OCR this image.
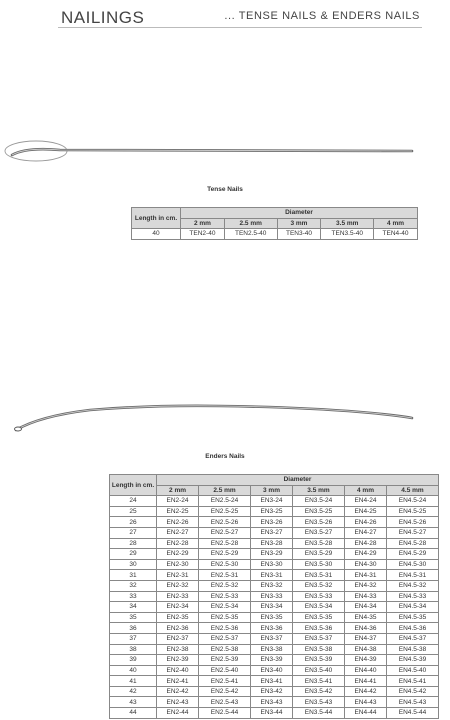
NAILINGS	... TENSE NAILS & ENDERS NAILS
Tense Nails
Length in cm.	Diameter				
	2 mm	2.5 mm	3 mm	3.5 mm	4 mm
40	TEN2-40	TEN2.5-40	TEN3-40	TEN3.5-40	TEN4-40
Enders Nails
Length in cm.	Diameter					
	2 mm	2.5 mm	3 mm	3.5 mm	4 mm	4.5 mm
24	EN2-24	EN2.5-24	EN3-24	EN3.5-24	EN4-24	EN4.5-24
25	EN2-25	EN2.5-25	EN3-25	EN3.5-25	EN4-25	EN4.5-25
26	EN2-26	EN2.5-26	EN3-26	EN3.5-26	EN4-26	EN4.5-26
27	EN2-27	EN2.5-27	EN3-27	EN3.5-27	EN4-27	EN4.5-27
28	EN2-28	EN2.5-28	EN3-28	EN3.5-28	EN4-28	EN4.5-28
29	EN2-29	EN2.5-29	EN3-29	EN3.5-29	EN4-29	EN4.5-29
30	EN2-30	EN2.5-30	EN3-30	EN3.5-30	EN4-30	EN4.5-30
31	EN2-31	EN2.5-31	EN3-31	EN3.5-31	EN4-31	EN4.5-31
32	EN2-32	EN2.5-32	EN3-32	EN3.5-32	EN4-32	EN4.5-32
33	EN2-33	EN2.5-33	EN3-33	EN3.5-33	EN4-33	EN4.5-33
34	EN2-34	EN2.5-34	EN3-34	EN3.5-34	EN4-34	EN4.5-34
35	EN2-35	EN2.5-35	EN3-35	EN3.5-35	EN4-35	EN4.5-35
36	EN2-36	EN2.5-36	EN3-36	EN3.5-36	EN4-36	EN4.5-36
37	EN2-37	EN2.5-37	EN3-37	EN3.5-37	EN4-37	EN4.5-37
38	EN2-38	EN2.5-38	EN3-38	EN3.5-38	EN4-38	EN4.5-38
39	EN2-39	EN2.5-39	EN3-39	EN3.5-39	EN4-39	EN4.5-39
40	EN2-40	EN2.5-40	EN3-40	EN3.5-40	EN4-40	EN4.5-40
41	EN2-41	EN2.5-41	EN3-41	EN3.5-41	EN4-41	EN4.5-41
42	EN2-42	EN2.5-42	EN3-42	EN3.5-42	EN4-42	EN4.5-42
43	EN2-43	EN2.5-43	EN3-43	EN3.5-43	EN4-43	EN4.5-43
44	EN2-44	EN2.5-44	EN3-44	EN3.5-44	EN4-44	EN4.5-44
